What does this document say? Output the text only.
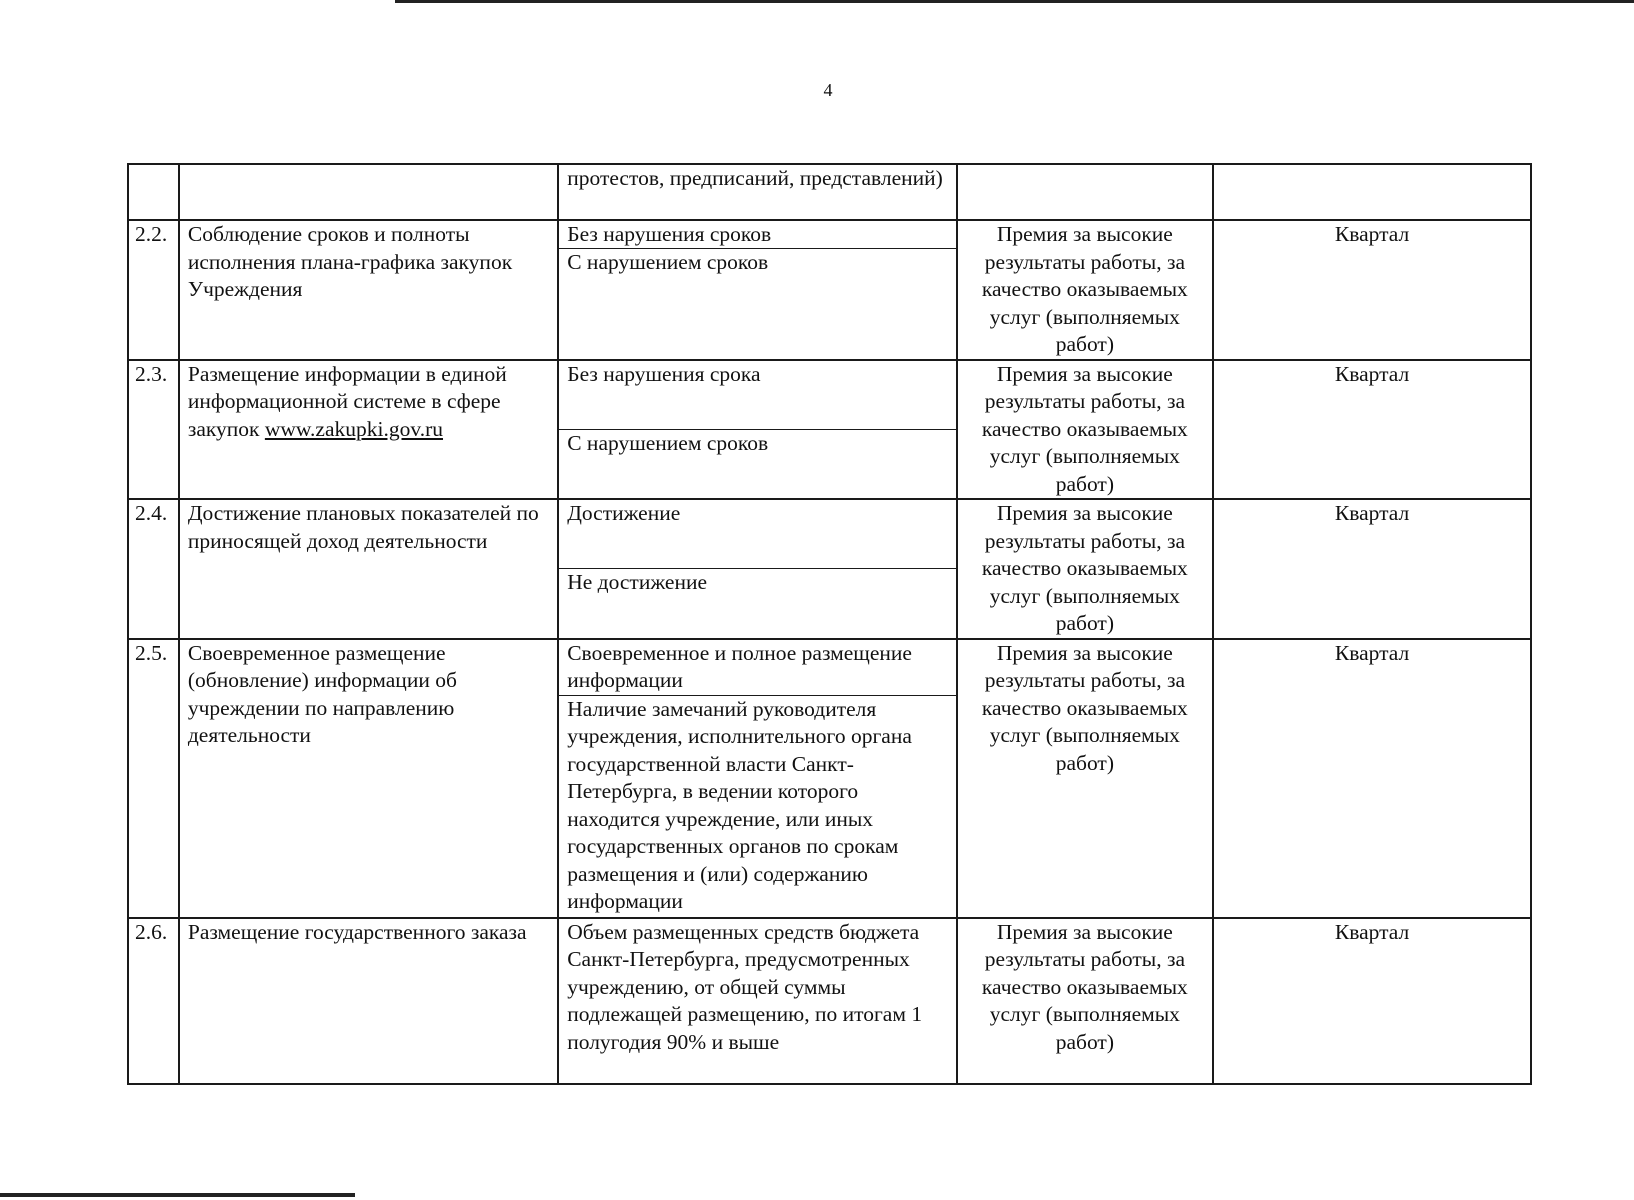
4
		протестов, предписаний, представлений)		
2.2.	Соблюдение сроков и полноты исполнения плана-графика закупок Учреждения	Без нарушения сроков
С нарушением сроков	Премия за высокие результаты работы, за качество оказываемых услуг (выполняемых работ)	Квартал
2.3.	Размещение информации в единой информационной системе в сфере закупок www.zakupki.gov.ru	Без нарушения срока
С нарушением сроков	Премия за высокие результаты работы, за качество оказываемых услуг (выполняемых работ)	Квартал
2.4.	Достижение плановых показателей по приносящей доход деятельности	Достижение
Не достижение	Премия за высокие результаты работы, за качество оказываемых услуг (выполняемых работ)	Квартал
2.5.	Своевременное размещение (обновление) информации об учреждении по направлению деятельности	Своевременное и полное размещение информации
Наличие замечаний руководителя учреждения, исполнительного органа государственной власти Санкт-Петербурга, в ведении которого находится учреждение, или иных государственных органов по срокам размещения и (или) содержанию информации	Премия за высокие результаты работы, за качество оказываемых услуг (выполняемых работ)	Квартал
2.6.	Размещение государственного заказа	Объем размещенных средств бюджета Санкт-Петербурга, предусмотренных учреждению, от общей суммы подлежащей размещению, по итогам 1 полугодия 90% и выше	Премия за высокие результаты работы, за качество оказываемых услуг (выполняемых работ)	Квартал
